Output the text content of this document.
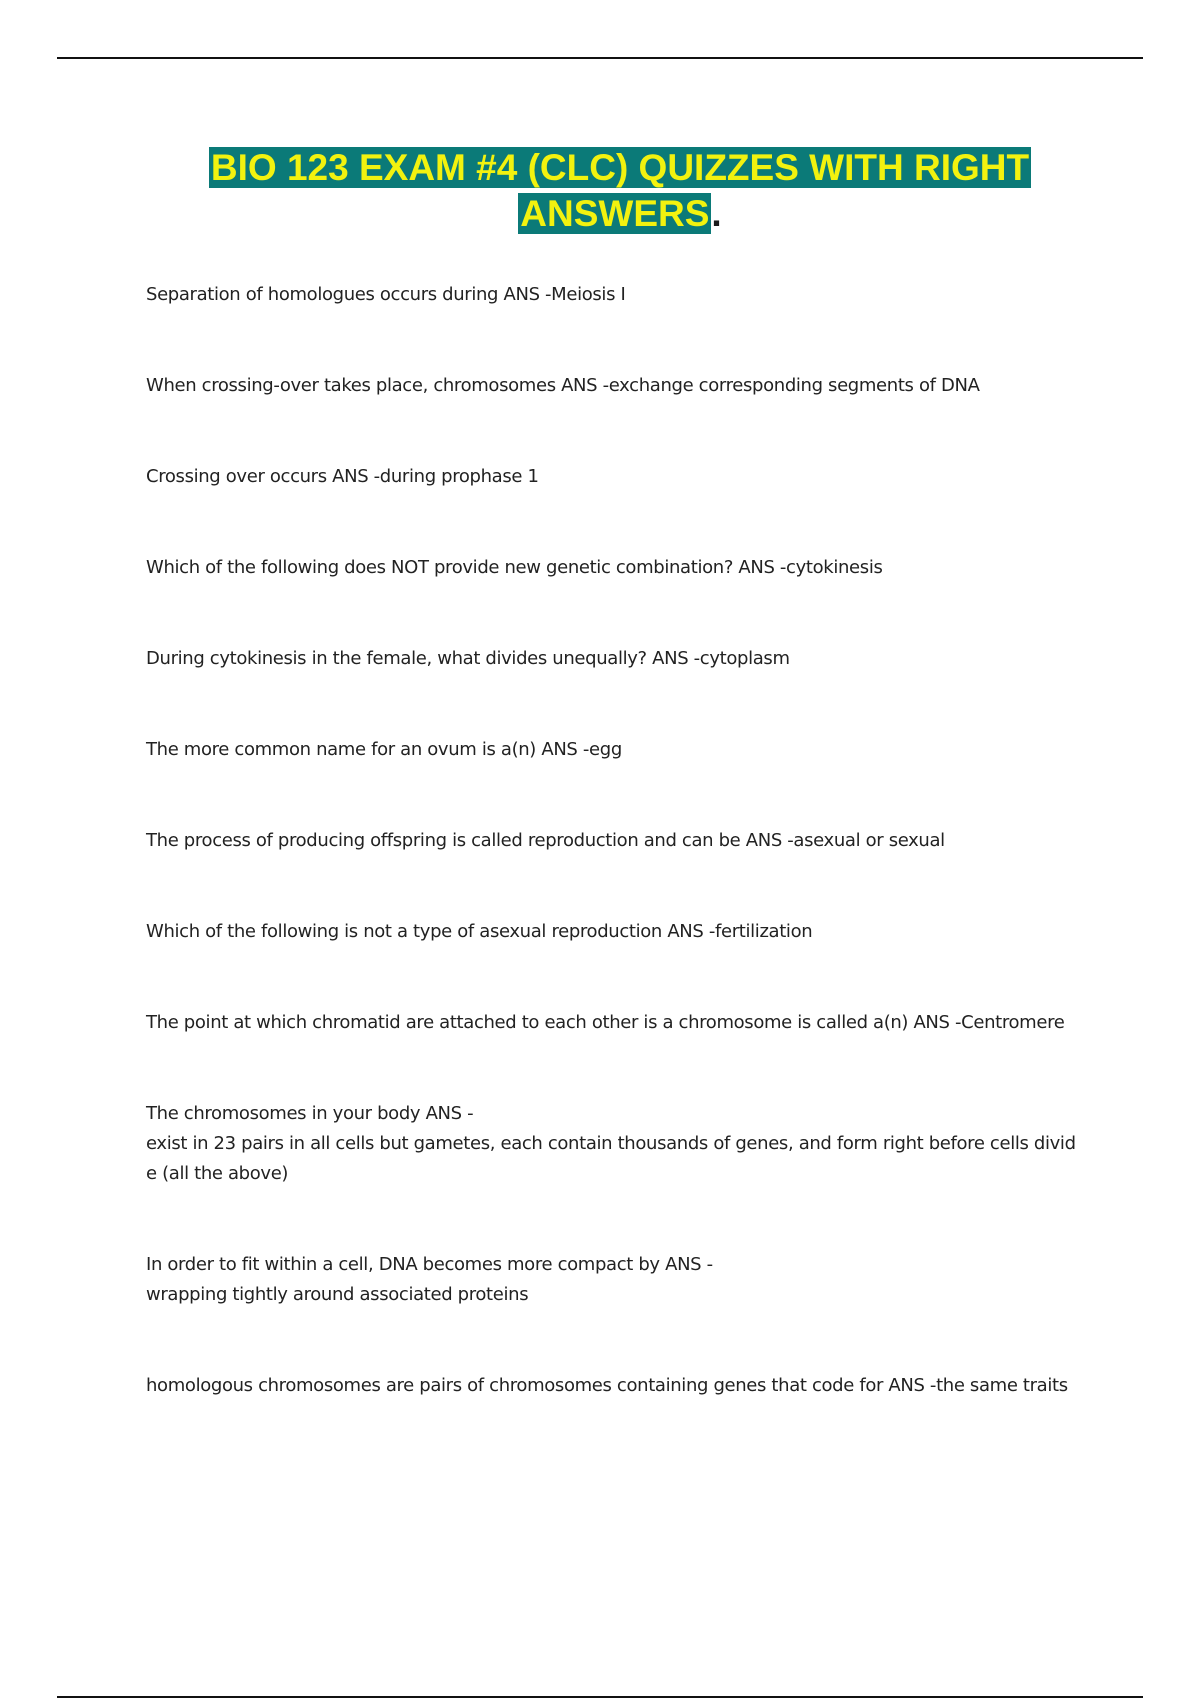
BIO 123 EXAM #4 (CLC) QUIZZES WITH RIGHT
ANSWERS.

Separation of homologues occurs during ANS -Meiosis I

When crossing-over takes place, chromosomes ANS -exchange corresponding segments of DNA

Crossing over occurs ANS -during prophase 1

Which of the following does NOT provide new genetic combination? ANS -cytokinesis

During cytokinesis in the female, what divides unequally? ANS -cytoplasm

The more common name for an ovum is a(n) ANS -egg

The process of producing offspring is called reproduction and can be ANS -asexual or sexual

Which of the following is not a type of asexual reproduction ANS -fertilization

The point at which chromatid are attached to each other is a chromosome is called a(n) ANS -Centromere

The chromosomes in your body ANS -
exist in 23 pairs in all cells but gametes, each contain thousands of genes, and form right before cells divid
e (all the above)

In order to fit within a cell, DNA becomes more compact by ANS -
wrapping tightly around associated proteins

homologous chromosomes are pairs of chromosomes containing genes that code for ANS -the same traits
